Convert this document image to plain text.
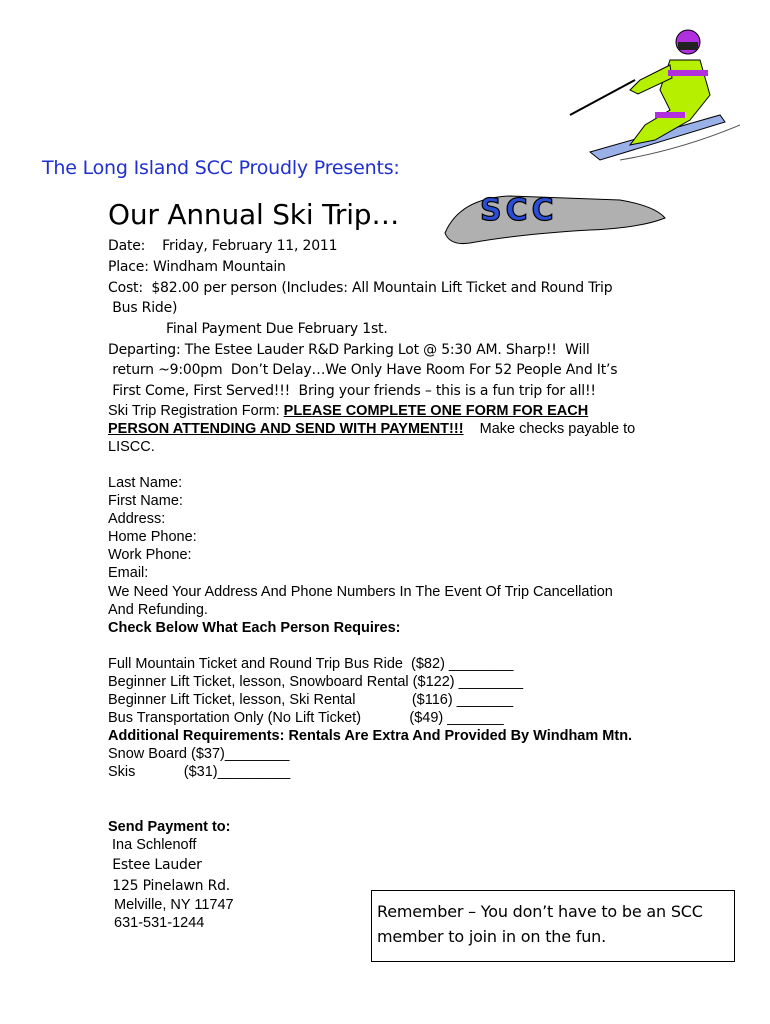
The Long Island SCC Proudly Presents:
Our Annual Ski Trip…	SCC
Date:    Friday, February 11, 2011
Place: Windham Mountain
Cost:  $82.00 per person (Includes: All Mountain Lift Ticket and Round Trip
Bus Ride)
Final Payment Due February 1st.
Departing: The Estee Lauder R&D Parking Lot @ 5:30 AM. Sharp!!  Will
return ~9:00pm  Don’t Delay…We Only Have Room For 52 People And It’s
First Come, First Served!!!  Bring your friends – this is a fun trip for all!!
Ski Trip Registration Form: PLEASE COMPLETE ONE FORM FOR EACH
PERSON ATTENDING AND SEND WITH PAYMENT!!!    Make checks payable to
LISCC.
Last Name:
First Name:
Address:
Home Phone:
Work Phone:
Email:
We Need Your Address And Phone Numbers In The Event Of Trip Cancellation
And Refunding.
Check Below What Each Person Requires:
Full Mountain Ticket and Round Trip Bus Ride  ($82) ________
Beginner Lift Ticket, lesson, Snowboard Rental ($122) ________
Beginner Lift Ticket, lesson, Ski Rental              ($116) _______
Bus Transportation Only (No Lift Ticket)            ($49) _______
Additional Requirements: Rentals Are Extra And Provided By Windham Mtn.
Snow Board ($37)________
Skis            ($31)_________
Send Payment to:
Ina Schlenoff
Estee Lauder
125 Pinelawn Rd.
Melville, NY 11747
631-531-1244
Remember – You don’t have to be an SCC member to join in on the fun.
